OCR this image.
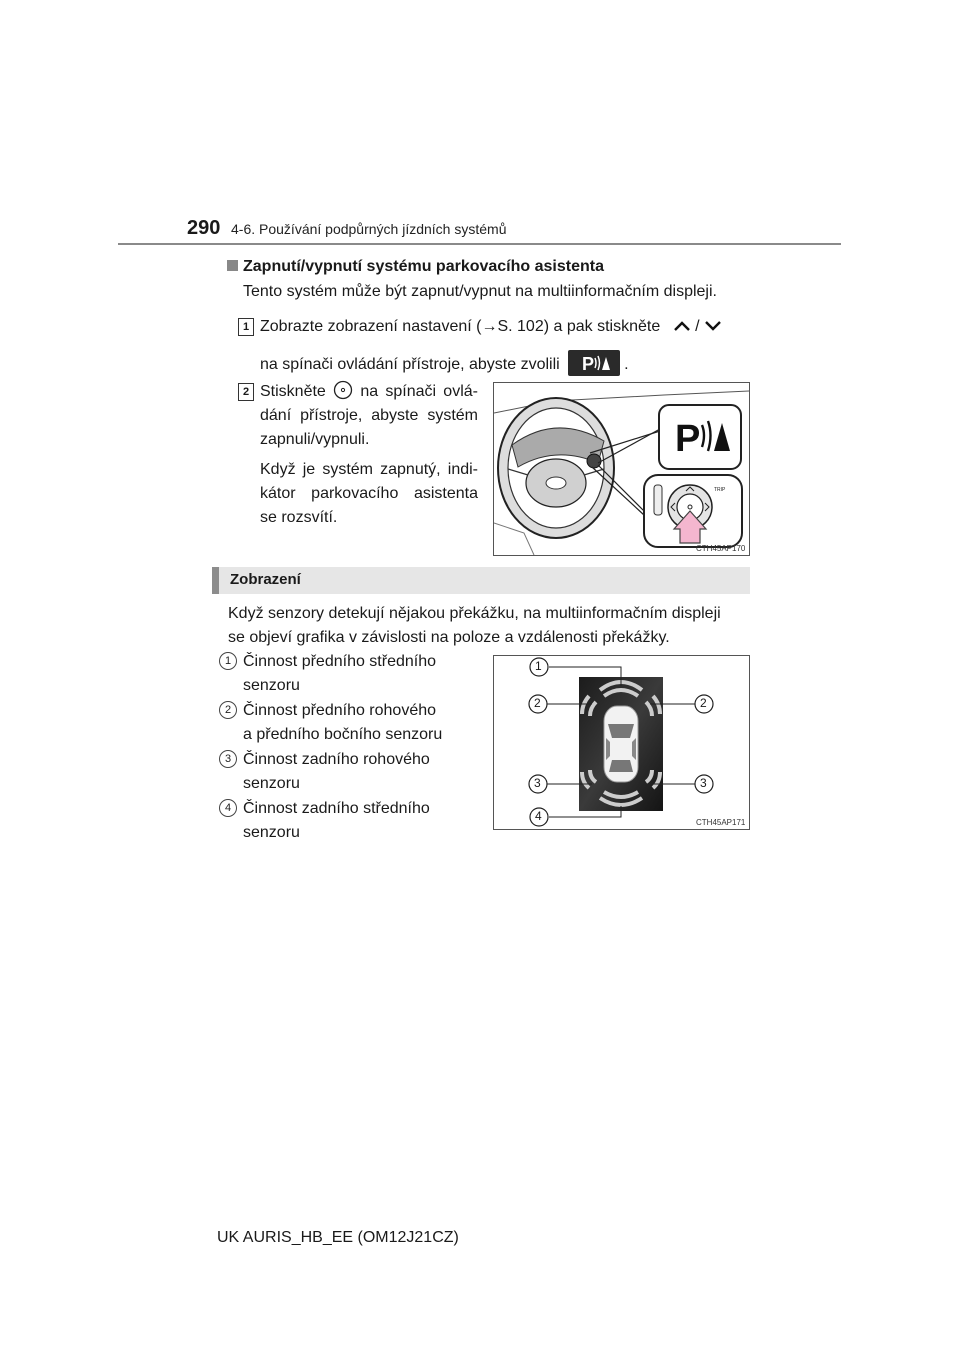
290 4-6. Používání podpůrných jízdních systémů
Zapnutí/vypnutí systému parkovacího asistenta
Tento systém může být zapnut/vypnut na multiinformačním displeji.
1 Zobrazte zobrazení nastavení (→S. 102) a pak stiskněte /
na spínači ovládání přístroje, abyste zvolili P .
2 Stiskněte na spínači ovlá-
dání přístroje, abyste systém
zapnuli/vypnuli.
Když je systém zapnutý, indi-
kátor parkovacího asistenta
se rozsvítí.
P
TRIP
CTH45AP170
Zobrazení
Když senzory detekují nějakou překážku, na multiinformačním displeji
se objeví grafika v závislosti na poloze a vzdálenosti překážky.
1 Činnost předního středního
senzoru
2 Činnost předního rohového
a předního bočního senzoru
3 Činnost zadního rohového
senzoru
4 Činnost zadního středního
senzoru
1
2	2
3	3
4	CTH45AP171
UK AURIS_HB_EE (OM12J21CZ)
